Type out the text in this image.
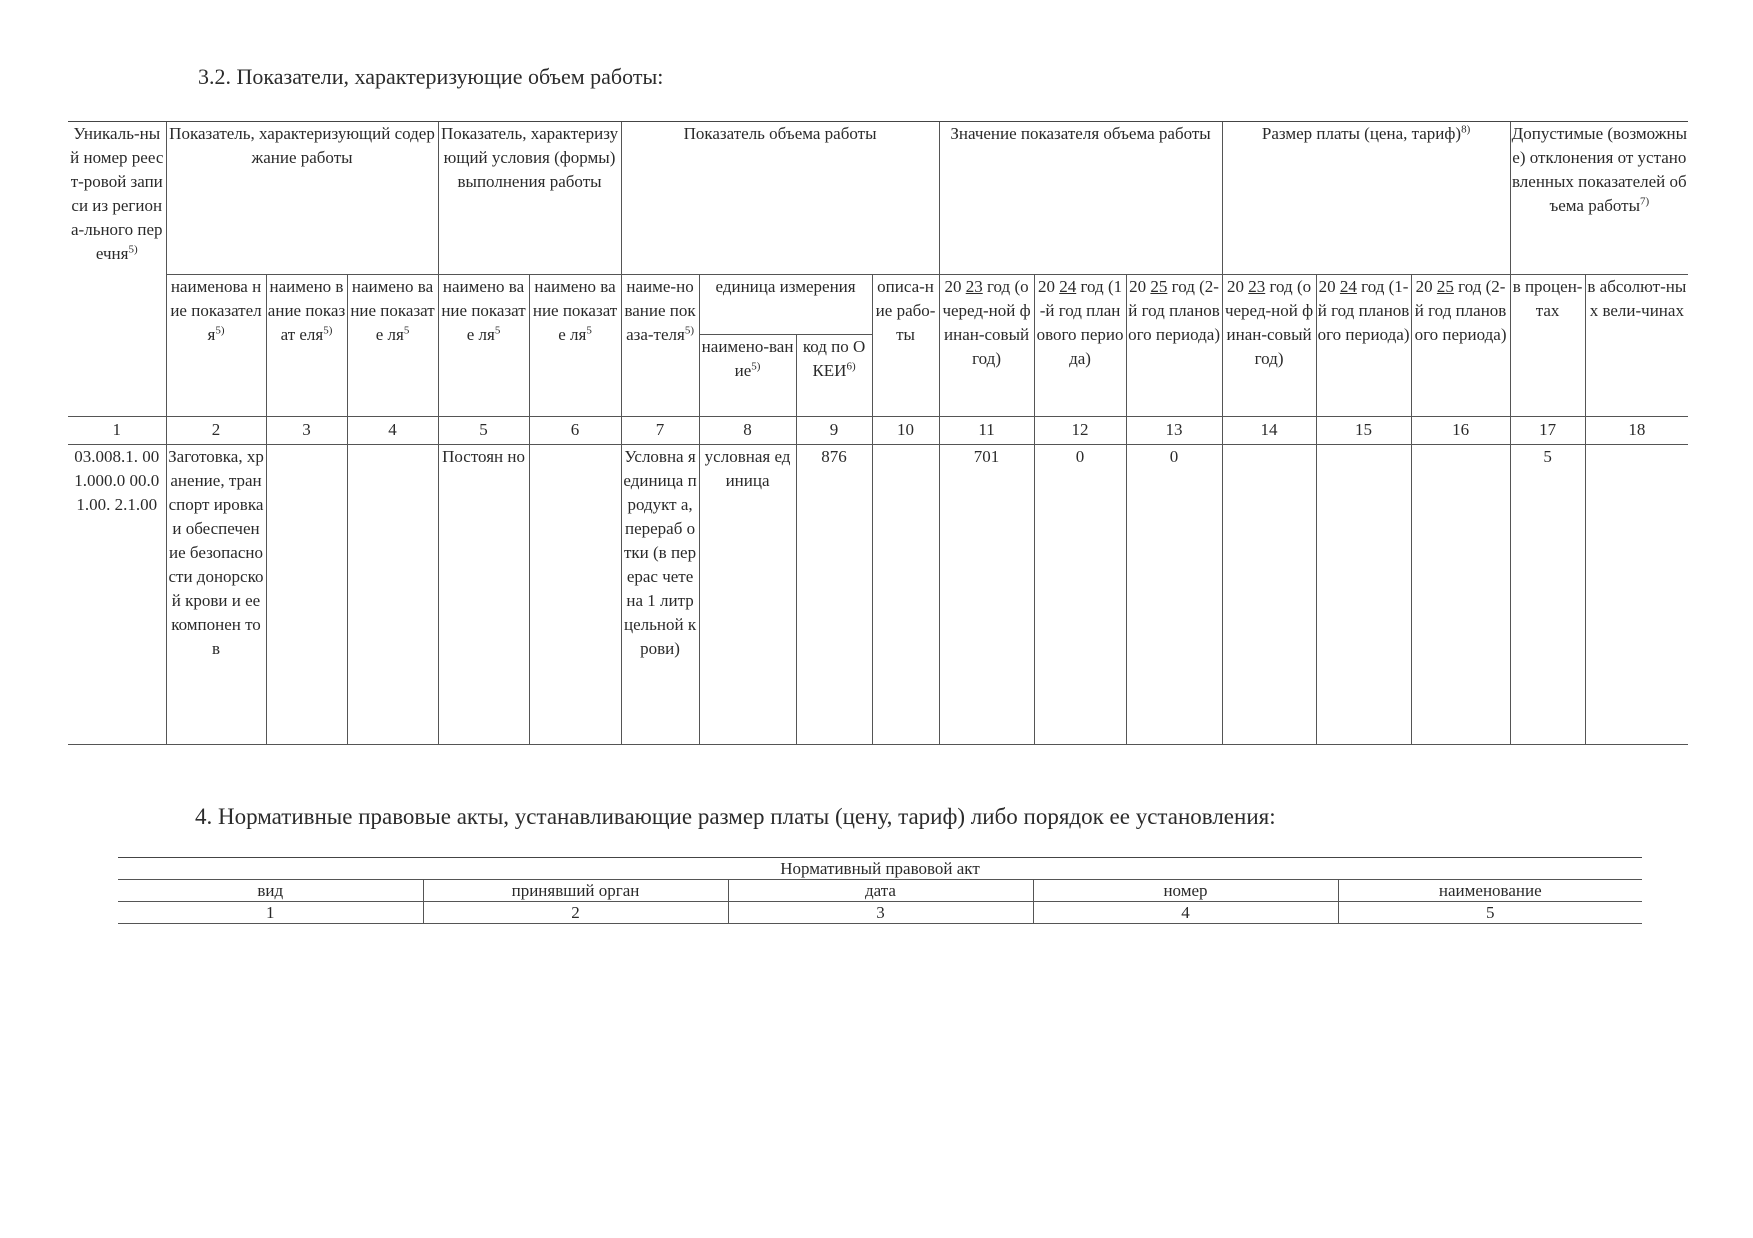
3.2. Показатели, характеризующие объем работы:
Уникаль-ный номер реест-ровой записи из регионa-льного перечня$^{5)}$	Показатель, характеризующий содержание работы			Показатель, характеризующий условия (формы) выполнения работы		Показатель объема работы				Значение показателя объема работы			Размер платы (цена, тариф)$^{8)}$			Допустимые (возможные) отклонения от установленных показателей объема работы$^{7)}$
	наименова ние показател $я^{5)}$	наимено вание показат еля$^{5)}$	наимено вание показате $ля^5$	наимено вание показате $ля^5$	наимено вание показате $ля^5$	наиме-нование показа-теля$^{5)}$	единица измерения		описа-ние рабо-ты	20 23 год (очеред-ной финан-совый год)	20 24 год (1-й год планового периода)	20 25 год (2-й год планового периода)	20 23 год (очеред-ной финан-совый год)	20 24 год (1-й год планового периода)	20 25 год (2-й год планового периода)	в процен-тах	в абсолют-ных вели-чинах
							наимено-вание$^{5)}$	код по ОКЕИ$^{6)}$
1	2	3	4	5	6	7	8	9	10	11	12	13	14	15	16	17	18
03.008.1. 001.000.0 00.01.00. 2.1.00	Заготовка, хранение, транспорт ировка и обеспечен ие безопасно сти донорской крови и ее компонен тов			Постоян но		Условна я единица продукт а, перераб отки (в перерас чете на 1 литр цельной крови)	условная единица	876		701	0	0				5	
4. Нормативные правовые акты, устанавливающие размер платы (цену, тариф) либо порядок ее установления:
Нормативный правовой акт				
вид	принявший орган	дата	номер	наименование
1	2	3	4	5
